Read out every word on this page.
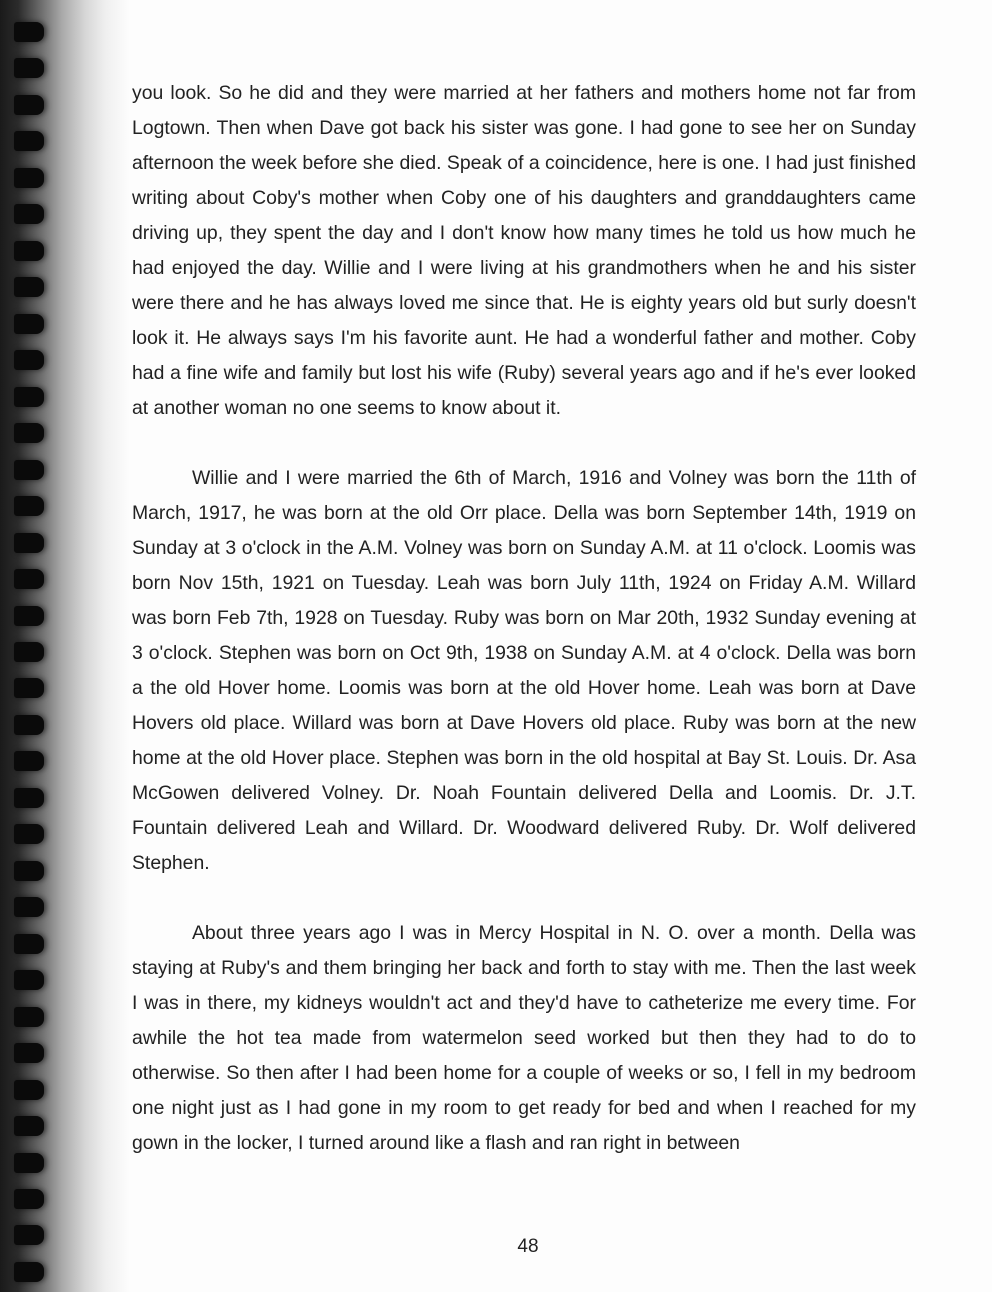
you look. So he did and they were married at her fathers and mothers home not far from Logtown. Then when Dave got back his sister was gone. I had gone to see her on Sunday afternoon the week before she died. Speak of a coincidence, here is one. I had just finished writing about Coby's mother when Coby one of his daughters and granddaughters came driving up, they spent the day and I don't know how many times he told us how much he had enjoyed the day. Willie and I were living at his grandmothers when he and his sister were there and he has always loved me since that. He is eighty years old but surly doesn't look it. He always says I'm his favorite aunt. He had a wonderful father and mother. Coby had a fine wife and family but lost his wife (Ruby) several years ago and if he's ever looked at another woman no one seems to know about it.

Willie and I were married the 6th of March, 1916 and Volney was born the 11th of March, 1917, he was born at the old Orr place. Della was born September 14th, 1919 on Sunday at 3 o'clock in the A.M. Volney was born on Sunday A.M. at 11 o'clock. Loomis was born Nov 15th, 1921 on Tuesday. Leah was born July 11th, 1924 on Friday A.M. Willard was born Feb 7th, 1928 on Tuesday. Ruby was born on Mar 20th, 1932 Sunday evening at 3 o'clock. Stephen was born on Oct 9th, 1938 on Sunday A.M. at 4 o'clock. Della was born a the old Hover home. Loomis was born at the old Hover home. Leah was born at Dave Hovers old place. Willard was born at Dave Hovers old place. Ruby was born at the new home at the old Hover place. Stephen was born in the old hospital at Bay St. Louis. Dr. Asa McGowen delivered Volney. Dr. Noah Fountain delivered Della and Loomis. Dr. J.T. Fountain delivered Leah and Willard. Dr. Woodward delivered Ruby. Dr. Wolf delivered Stephen.

About three years ago I was in Mercy Hospital in N. O. over a month. Della was staying at Ruby's and them bringing her back and forth to stay with me. Then the last week I was in there, my kidneys wouldn't act and they'd have to catheterize me every time. For awhile the hot tea made from watermelon seed worked but then they had to do to otherwise. So then after I had been home for a couple of weeks or so, I fell in my bedroom one night just as I had gone in my room to get ready for bed and when I reached for my gown in the locker, I turned around like a flash and ran right in between

48
